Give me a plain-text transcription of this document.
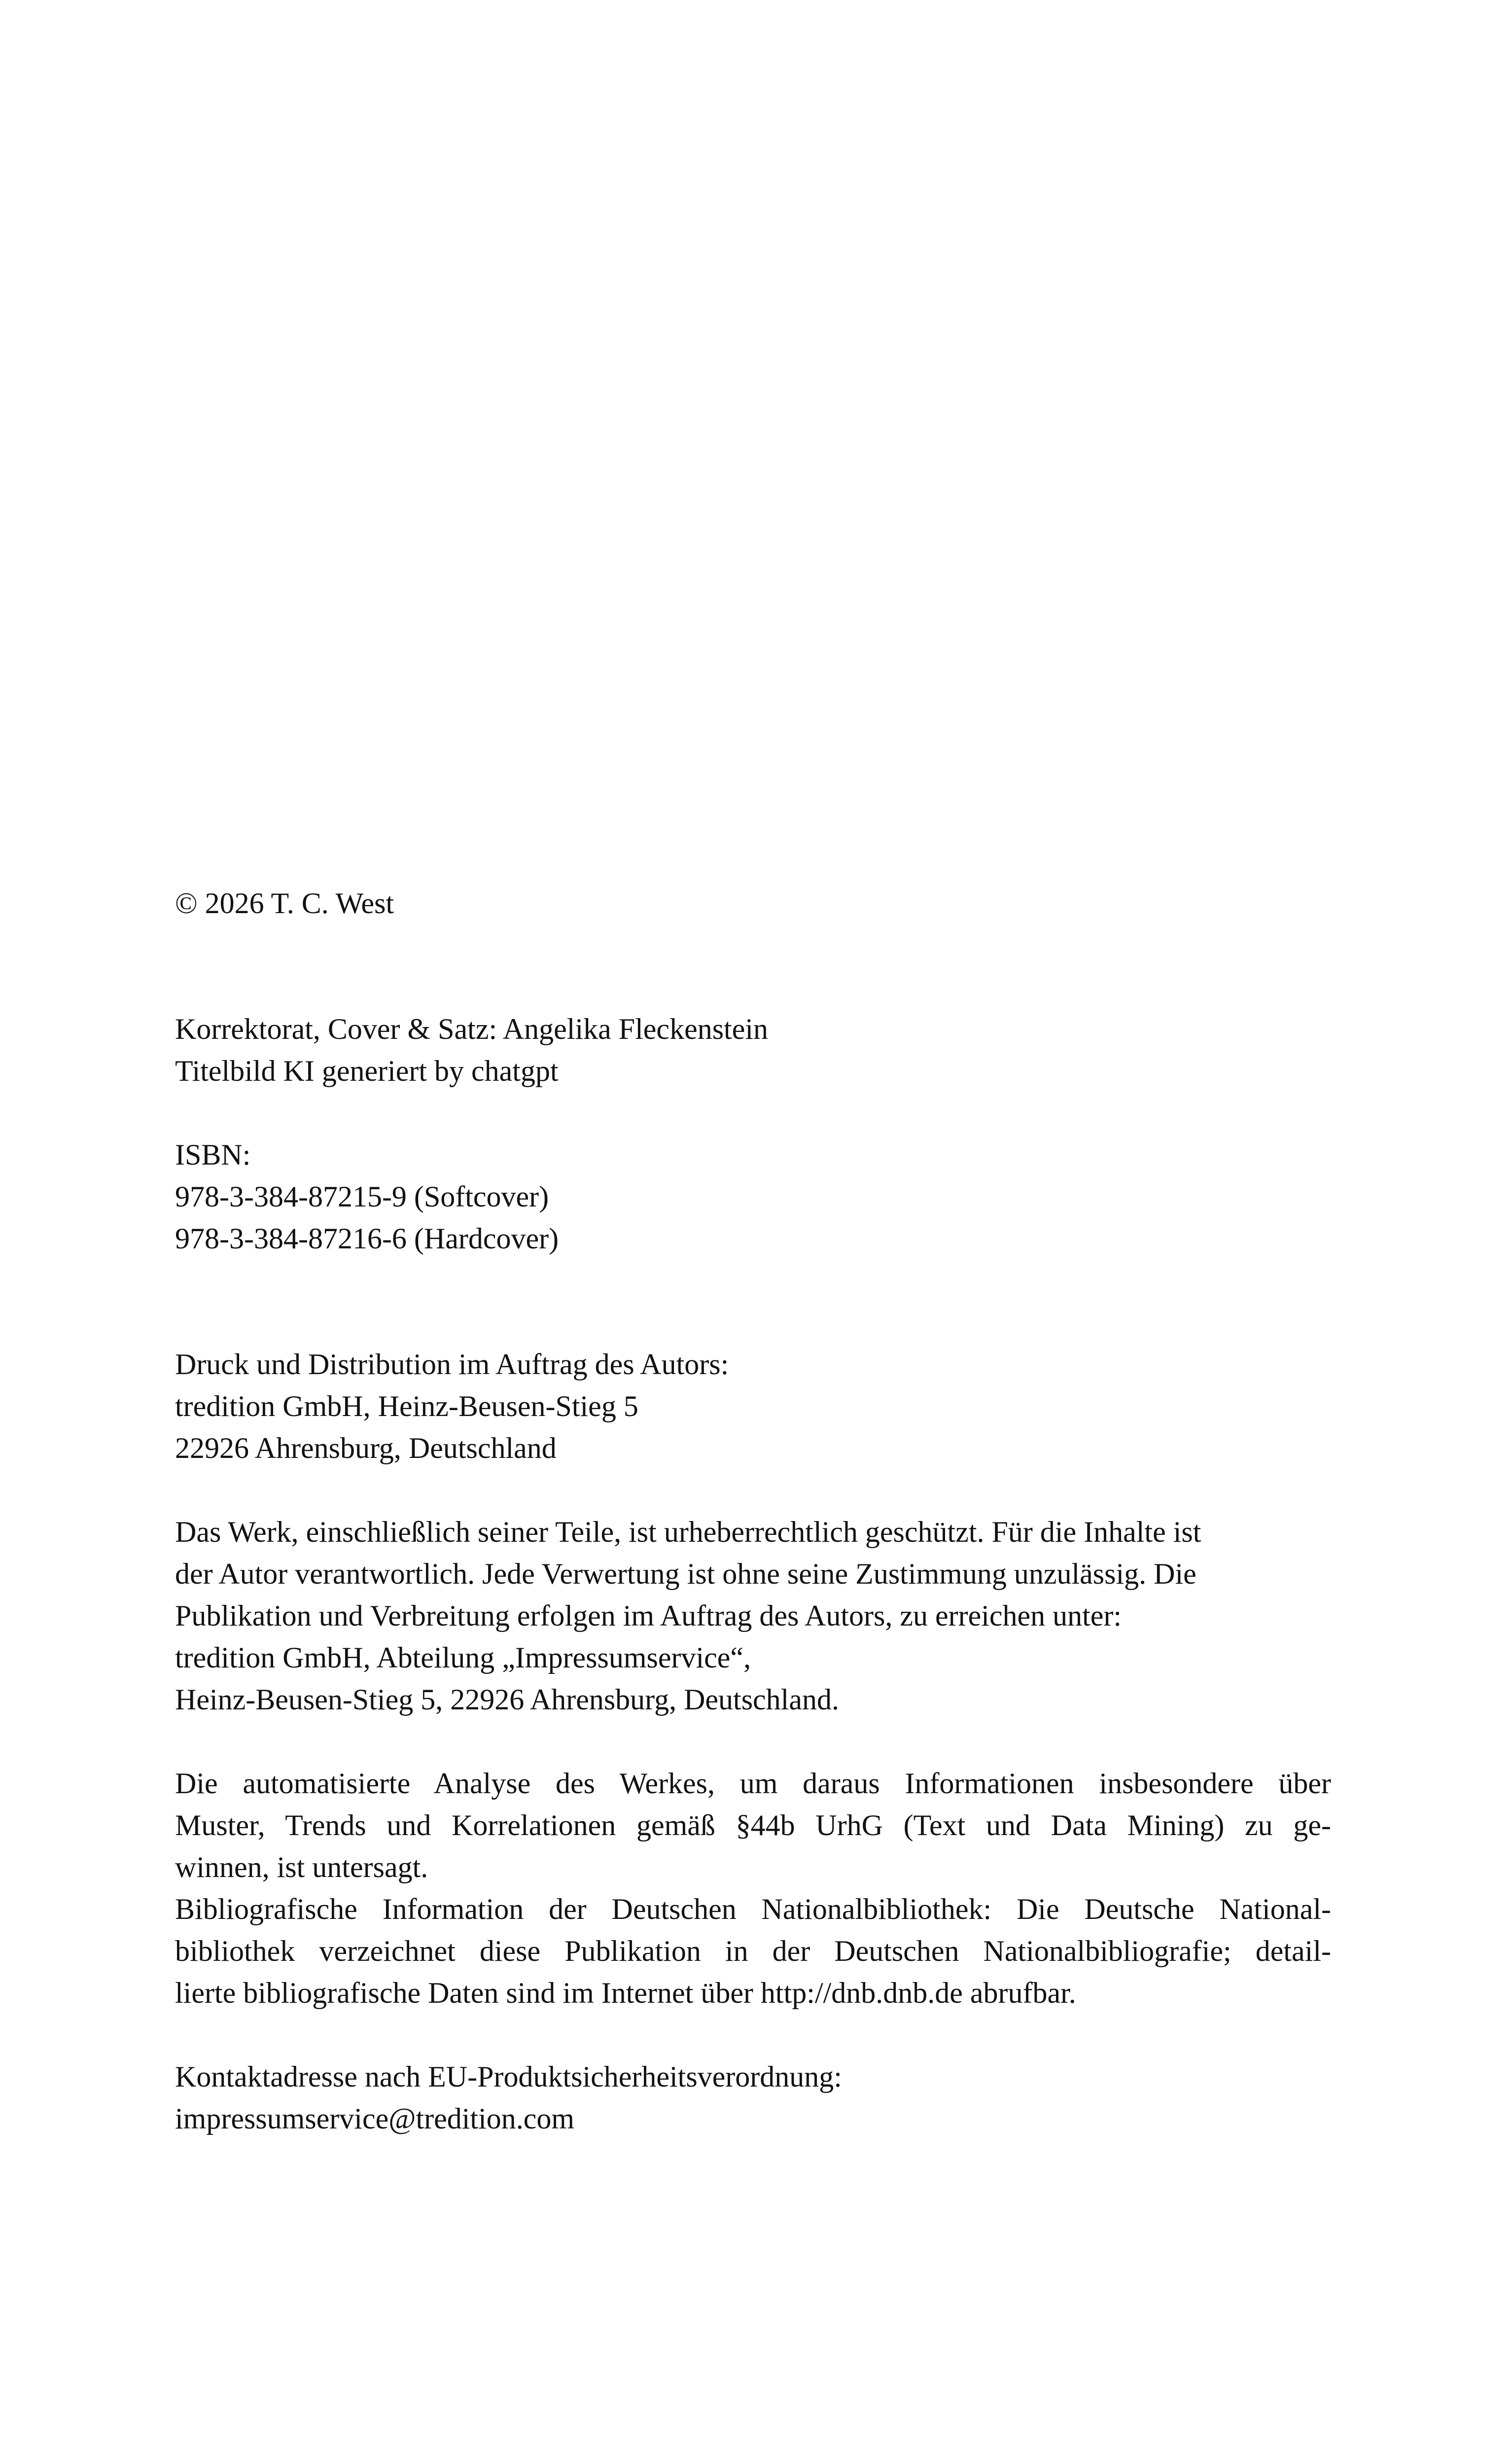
© 2026 T. C. West

Korrektorat, Cover & Satz: Angelika Fleckenstein

Titelbild KI generiert by chatgpt

ISBN:

978-3-384-87215-9 (Softcover)

978-3-384-87216-6 (Hardcover)

Druck und Distribution im Auftrag des Autors:

tredition GmbH, Heinz-Beusen-Stieg 5

22926 Ahrensburg, Deutschland

Das Werk, einschließlich seiner Teile, ist urheberrechtlich geschützt. Für die Inhalte ist

der Autor verantwortlich. Jede Verwertung ist ohne seine Zustimmung unzulässig. Die

Publikation und Verbreitung erfolgen im Auftrag des Autors, zu erreichen unter:

tredition GmbH, Abteilung „Impressumservice“,

Heinz-Beusen-Stieg 5, 22926 Ahrensburg, Deutschland.

Die automatisierte Analyse des Werkes, um daraus Informationen insbesondere über

Muster, Trends und Korrelationen gemäß §44b UrhG (Text und Data Mining) zu ge-

winnen, ist untersagt.

Bibliografische Information der Deutschen Nationalbibliothek: Die Deutsche National-

bibliothek verzeichnet diese Publikation in der Deutschen Nationalbibliografie; detail-

lierte bibliografische Daten sind im Internet über http://dnb.dnb.de abrufbar.

Kontaktadresse nach EU-Produktsicherheitsverordnung:

impressumservice@tredition.com
